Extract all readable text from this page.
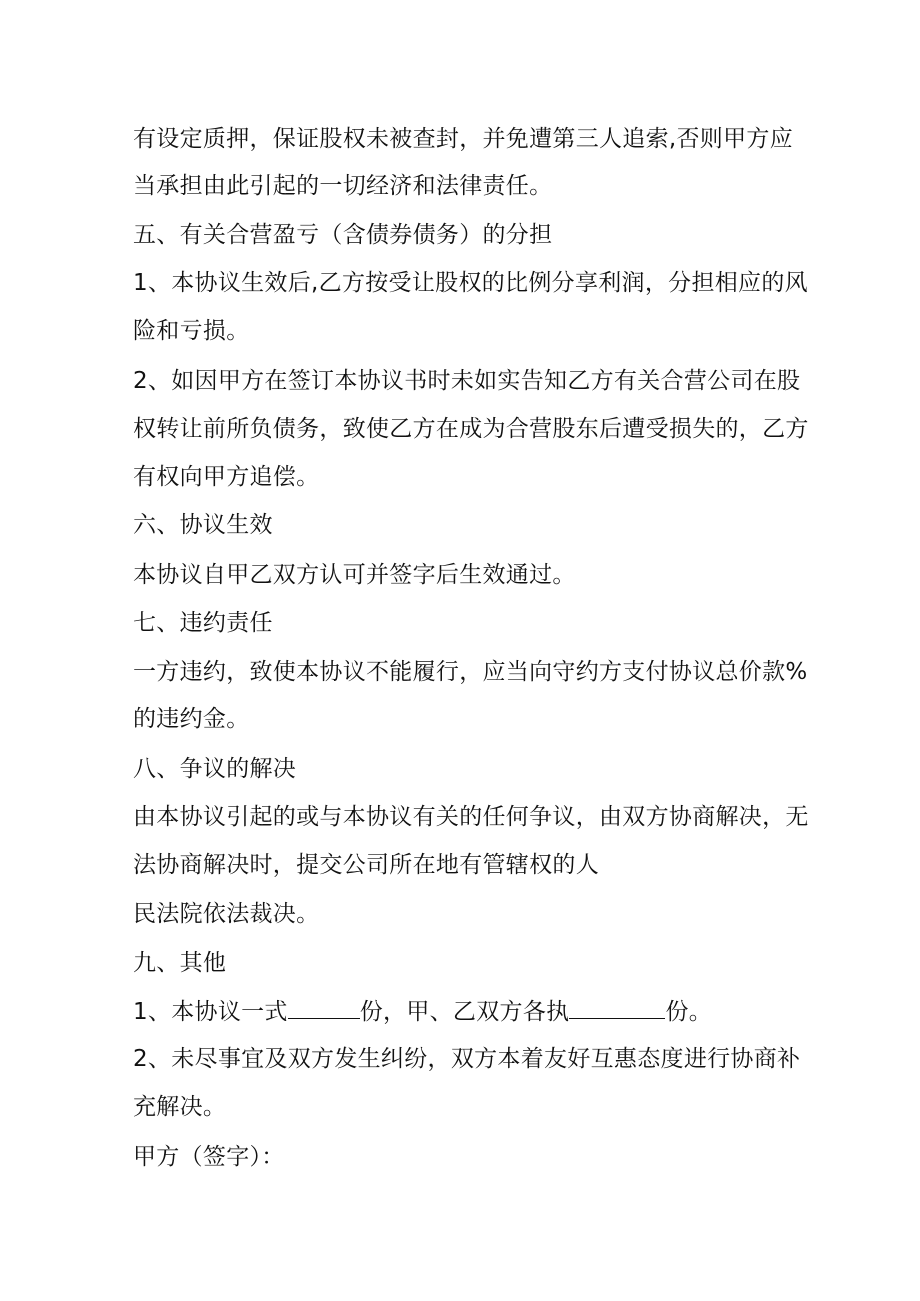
有设定质押，保证股权未被查封，并免遭第三人追索,否则甲方应
当承担由此引起的一切经济和法律责任。
五、有关合营盈亏（含债券债务）的分担
1、本协议生效后,乙方按受让股权的比例分享利润，分担相应的风
险和亏损。
2、如因甲方在签订本协议书时未如实告知乙方有关合营公司在股
权转让前所负债务，致使乙方在成为合营股东后遭受损失的，乙方
有权向甲方追偿。
六、协议生效
本协议自甲乙双方认可并签字后生效通过。
七、违约责任
一方违约，致使本协议不能履行，应当向守约方支付协议总价款%
的违约金。
八、争议的解决
由本协议引起的或与本协议有关的任何争议，由双方协商解决，无
法协商解决时，提交公司所在地有管辖权的人
民法院依法裁决。
九、其他
1、本协议一式	份，甲、乙双方各执	份。
2、未尽事宜及双方发生纠纷，双方本着友好互惠态度进行协商补
充解决。
甲方（签字）：
